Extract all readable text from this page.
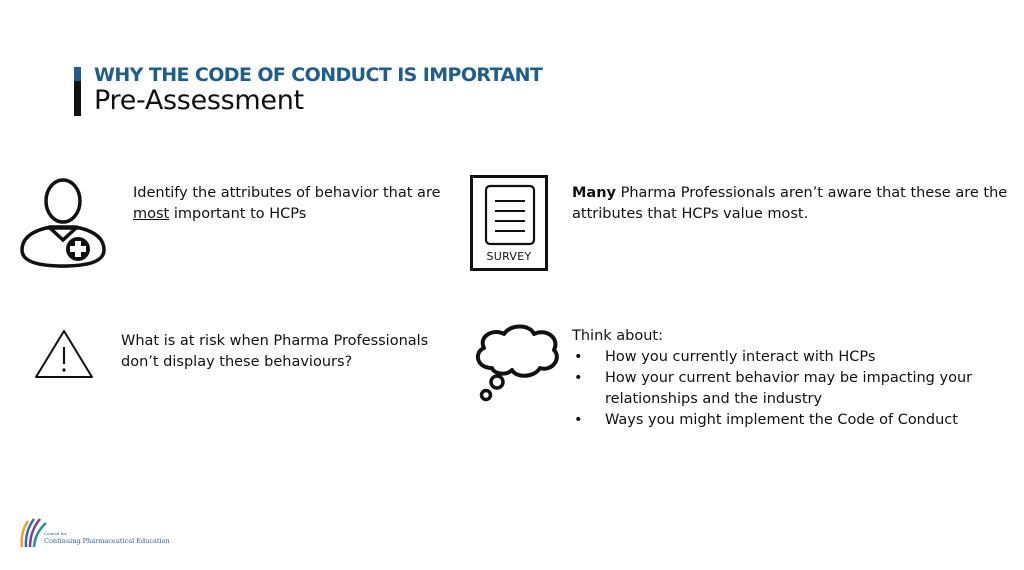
WHY THE CODE OF CONDUCT IS IMPORTANT
Pre-Assessment
Identify the attributes of behavior that are
most important to HCPs
SURVEY
Many Pharma Professionals aren’t aware that these are the
attributes that HCPs value most.
What is at risk when Pharma Professionals
don’t display these behaviours?
Think about:
• How you currently interact with HCPs
• How your current behavior may be impacting your relationships and the industry
• Ways you might implement the Code of Conduct
Council for
Continuing Pharmaceutical Education
